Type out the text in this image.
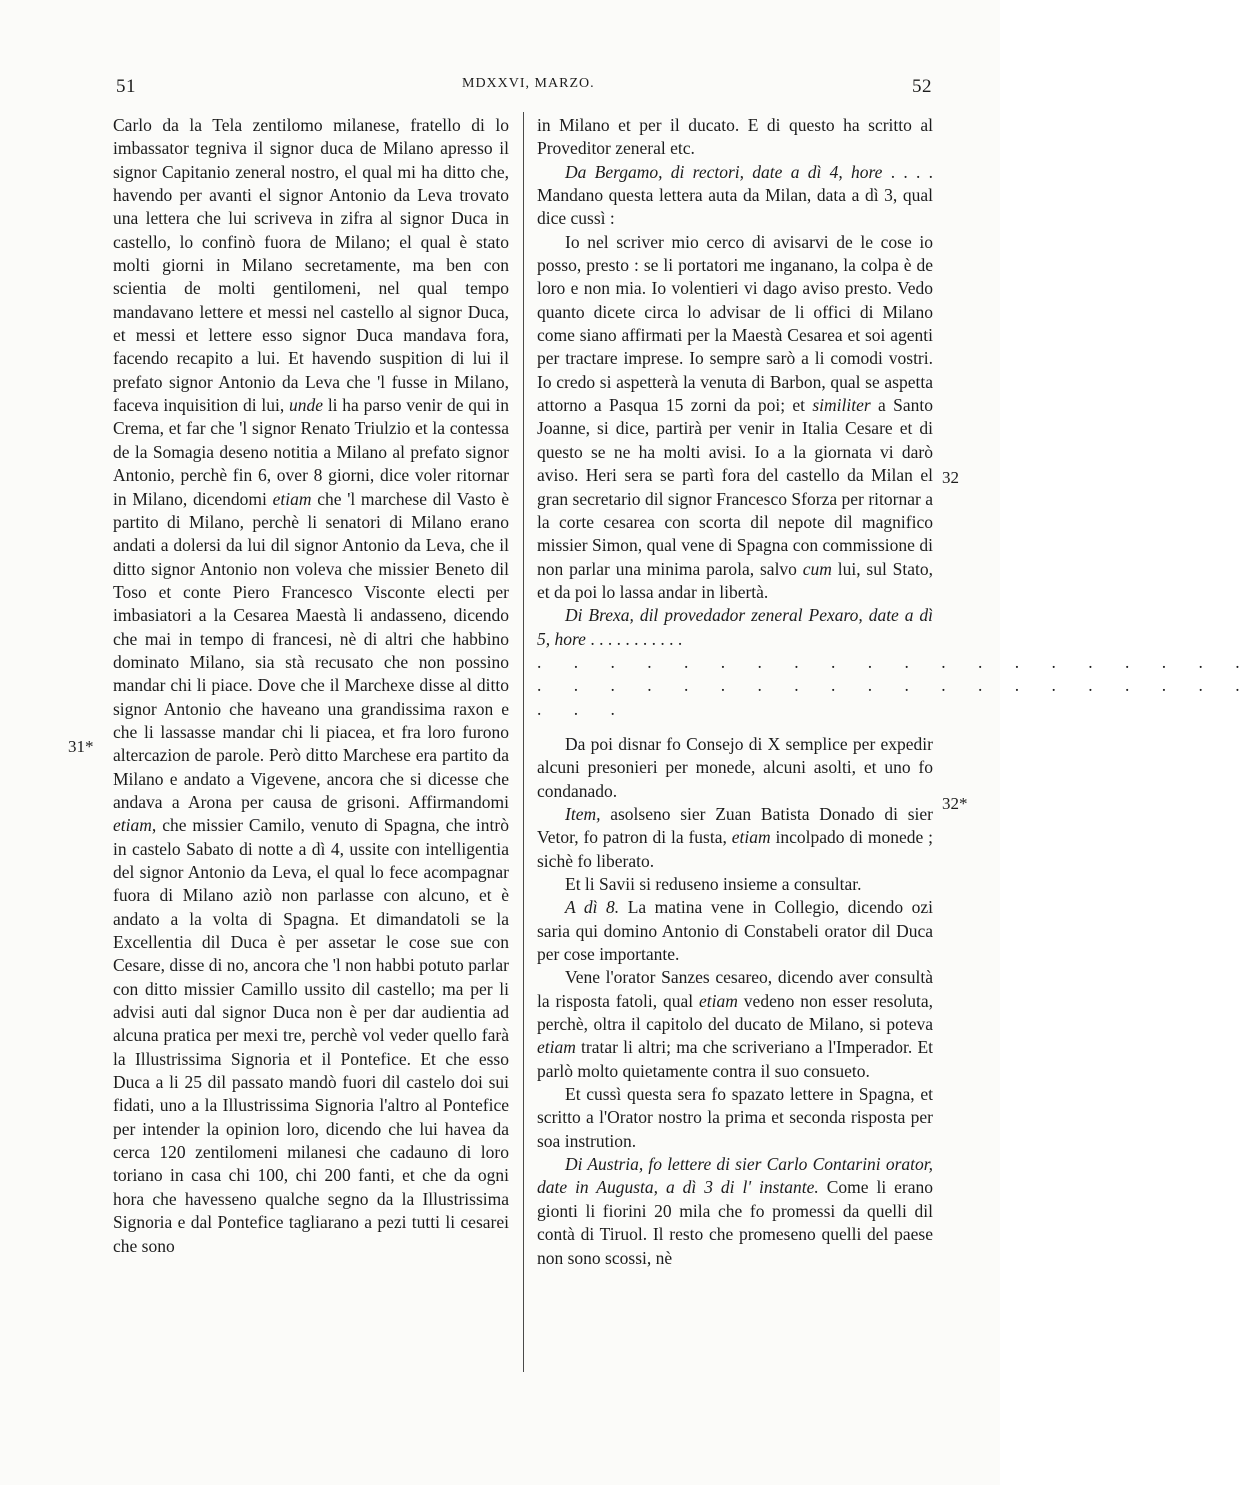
51	MDXXVI, MARZO.	52
31*
32
32*

Carlo da la Tela zentilomo milanese, fratello di lo imbassator tegniva il signor duca de Milano apresso il signor Capitanio zeneral nostro, el qual mi ha ditto che, havendo per avanti el signor Antonio da Leva trovato una lettera che lui scriveva in zifra al signor Duca in castello, lo confinò fuora de Milano; el qual è stato molti giorni in Milano secretamente, ma ben con scientia de molti gentilomeni, nel qual tempo mandavano lettere et messi nel castello al signor Duca, et messi et lettere esso signor Duca mandava fora, facendo recapito a lui. Et havendo suspition di lui il prefato signor Antonio da Leva che 'l fusse in Milano, faceva inquisition di lui, unde li ha parso venir de qui in Crema, et far che 'l signor Renato Triulzio et la contessa de la Somagia deseno notitia a Milano al prefato signor Antonio, perchè fin 6, over 8 giorni, dice voler ritornar in Milano, dicendomi etiam che 'l marchese dil Vasto è partito di Milano, perchè li senatori di Milano erano andati a dolersi da lui dil signor Antonio da Leva, che il ditto signor Antonio non voleva che missier Beneto dil Toso et conte Piero Francesco Visconte electi per imbasiatori a la Cesarea Maestà li andasseno, dicendo che mai in tempo di francesi, nè di altri che habbino dominato Milano, sia stà recusato che non possino mandar chi li piace. Dove che il Marchexe disse al ditto signor Antonio che haveano una grandissima raxon e che li lassasse mandar chi li piacea, et fra loro furono altercazion de parole. Però ditto Marchese era partito da Milano e andato a Vigevene, ancora che si dicesse che andava a Arona per causa de grisoni. Affirmandomi etiam, che missier Camilo, venuto di Spagna, che intrò in castelo Sabato di notte a dì 4, ussite con intelligentia del signor Antonio da Leva, el qual lo fece acompagnar fuora di Milano aziò non parlasse con alcuno, et è andato a la volta di Spagna. Et dimandatoli se la Excellentia dil Duca è per assetar le cose sue con Cesare, disse di no, ancora che 'l non habbi potuto parlar con ditto missier Camillo ussito dil castello; ma per li advisi auti dal signor Duca non è per dar audientia ad alcuna pratica per mexi tre, perchè vol veder quello farà la Illustrissima Signoria et il Pontefice. Et che esso Duca a li 25 dil passato mandò fuori dil castelo doi sui fidati, uno a la Illustrissima Signoria l'altro al Pontefice per intender la opinion loro, dicendo che lui havea da cerca 120 zentilomeni milanesi che cadauno di loro toriano in casa chi 100, chi 200 fanti, et che da ogni hora che havesseno qualche segno da la Illustrissima Signoria e dal Pontefice tagliarano a pezi tutti li cesarei che sono

in Milano et per il ducato. E di questo ha scritto al Proveditor zeneral etc.

Da Bergamo, di rectori, date a dì 4, hore . . . . Mandano questa lettera auta da Milan, data a dì 3, qual dice cussì :

Io nel scriver mio cerco di avisarvi de le cose io posso, presto : se li portatori me inganano, la colpa è de loro e non mia. Io volentieri vi dago aviso presto. Vedo quanto dicete circa lo advisar de li offici di Milano come siano affirmati per la Maestà Cesarea et soi agenti per tractare imprese. Io sempre sarò a li comodi vostri. Io credo si aspetterà la venuta di Barbon, qual se aspetta attorno a Pasqua 15 zorni da poi; et similiter a Santo Joanne, si dice, partirà per venir in Italia Cesare et di questo se ne ha molti avisi. Io a la giornata vi darò aviso. Heri sera se partì fora del castello da Milan el gran secretario dil signor Francesco Sforza per ritornar a la corte cesarea con scorta dil nepote dil magnifico missier Simon, qual vene di Spagna con commissione di non parlar una minima parola, salvo cum lui, sul Stato, et da poi lo lassa andar in libertà.

Di Brexa, dil provedador zeneral Pexaro, date a dì 5, hore . . . . . . . . . . .

. . . . . . . . . . . . . . . . . . . .

. . . . . . . . . . . . . . . . . . . .

. . .

Da poi disnar fo Consejo di X semplice per expedir alcuni presonieri per monede, alcuni asolti, et uno fo condanado.

Item, asolseno sier Zuan Batista Donado di sier Vetor, fo patron di la fusta, etiam incolpado di monede ; sichè fo liberato.

Et li Savii si reduseno insieme a consultar.

A dì 8. La matina vene in Collegio, dicendo ozi saria qui domino Antonio di Constabeli orator dil Duca per cose importante.

Vene l'orator Sanzes cesareo, dicendo aver consultà la risposta fatoli, qual etiam vedeno non esser resoluta, perchè, oltra il capitolo del ducato de Milano, si poteva etiam tratar li altri; ma che scriveriano a l'Imperador. Et parlò molto quietamente contra il suo consueto.

Et cussì questa sera fo spazato lettere in Spagna, et scritto a l'Orator nostro la prima et seconda risposta per soa instrution.

Di Austria, fo lettere di sier Carlo Contarini orator, date in Augusta, a dì 3 di l' instante. Come li erano gionti li fiorini 20 mila che fo promessi da quelli dil contà di Tiruol. Il resto che promeseno quelli del paese non sono scossi, nè
